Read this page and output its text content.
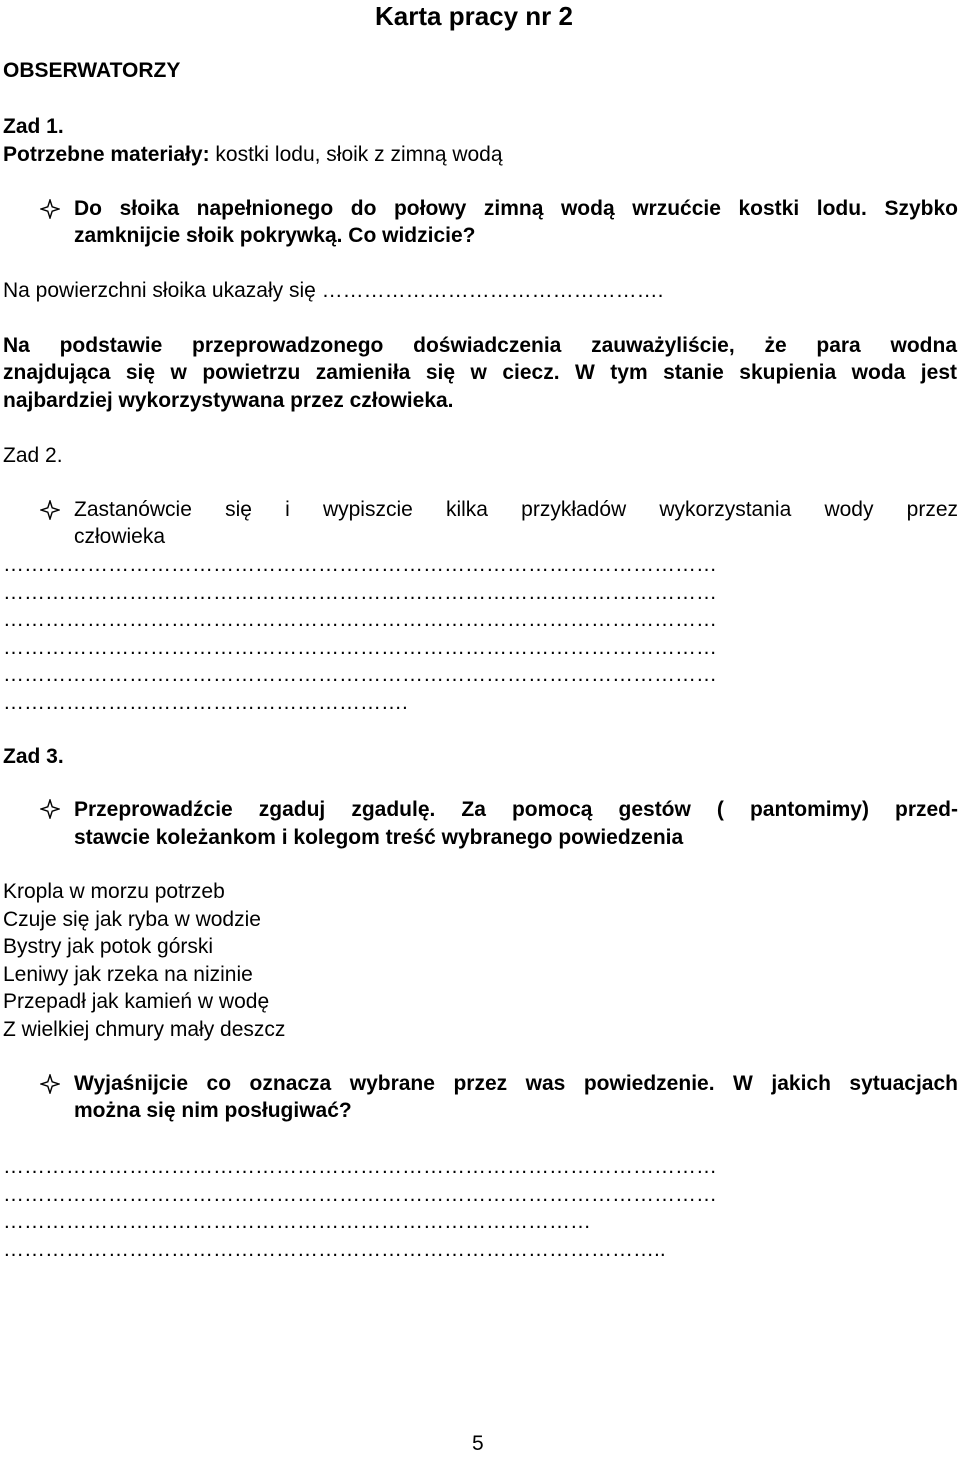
Karta pracy nr 2
OBSERWATORZY
Zad 1.
Potrzebne materiały: kostki lodu, słoik z zimną wodą
Do słoika napełnionego do połowy zimną wodą wrzućcie kostki lodu. Szybko
zamknijcie słoik pokrywką. Co widzicie?
Na powierzchni słoika ukazały się ………………………………………….
Na podstawie przeprowadzonego doświadczenia zauważyliście, że para wodna
znajdująca się w powietrzu zamieniła się w ciecz. W tym stanie skupienia woda jest
najbardziej wykorzystywana przez człowieka.
Zad 2.
Zastanówcie się i wypiszcie kilka przykładów wykorzystania wody przez
człowieka
…………………………………………………………………………………………
…………………………………………………………………………………………
…………………………………………………………………………………………
…………………………………………………………………………………………
…………………………………………………………………………………………
………………………………………………….
Zad 3.
Przeprowadźcie zgaduj zgadulę. Za pomocą gestów ( pantomimy) przed-
stawcie koleżankom i kolegom treść wybranego powiedzenia
Kropla w morzu potrzeb
Czuje się jak ryba w wodzie
Bystry jak potok górski
Leniwy jak rzeka na nizinie
Przepadł jak kamień w wodę
Z wielkiej chmury mały deszcz
Wyjaśnijcie co oznacza wybrane przez was powiedzenie. W jakich sytuacjach
można się nim posługiwać?
…………………………………………………………………………………………
…………………………………………………………………………………………
…………………………………………………………………………
…………………………………………………………………………………..
5
